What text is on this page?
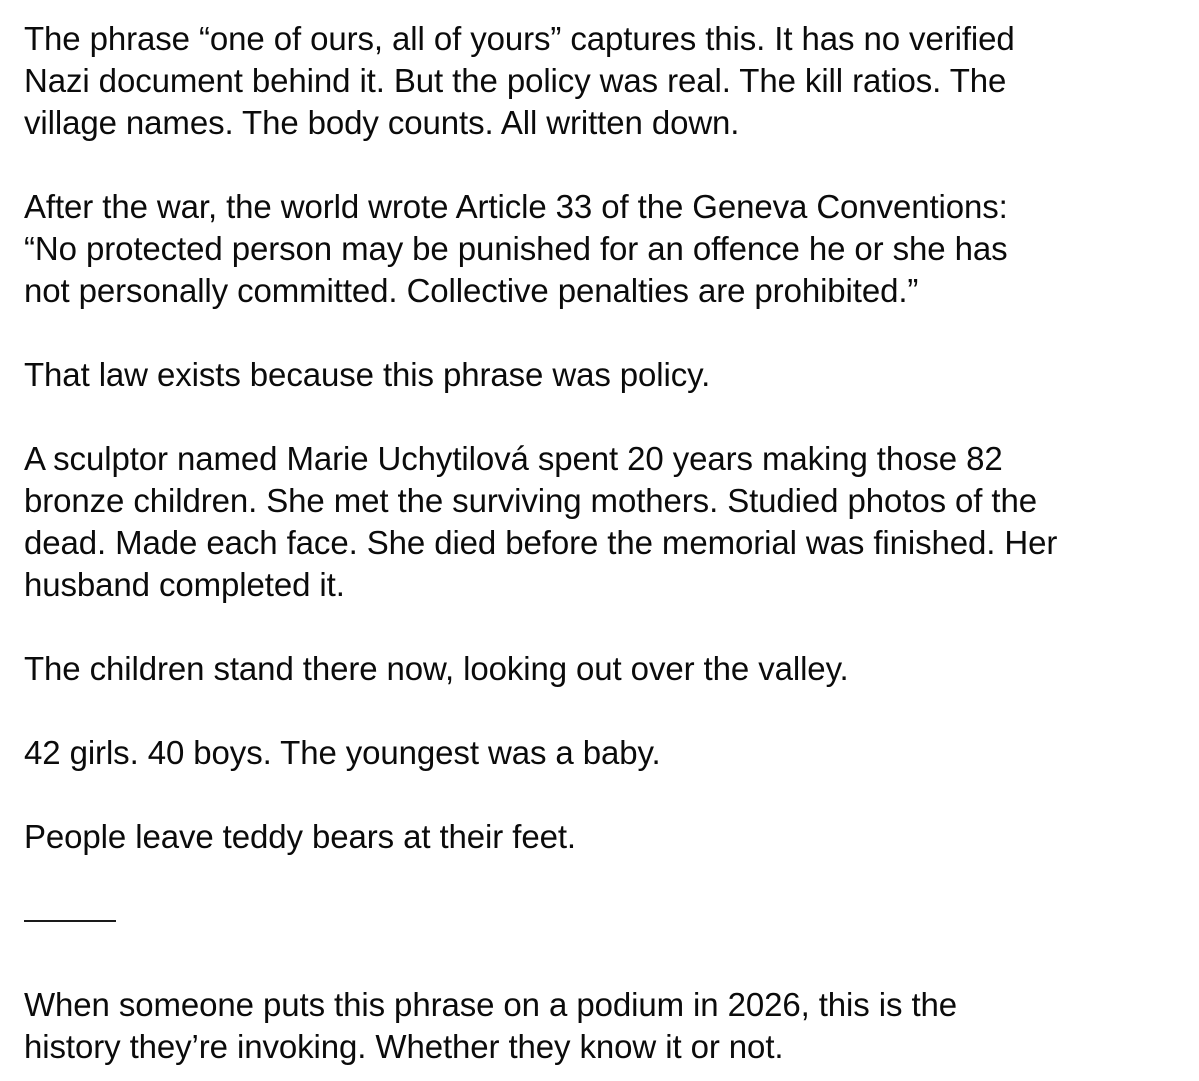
The phrase “one of ours, all of yours” captures this. It has no verified
Nazi document behind it. But the policy was real. The kill ratios. The
village names. The body counts. All written down.

After the war, the world wrote Article 33 of the Geneva Conventions:
“No protected person may be punished for an offence he or she has
not personally committed. Collective penalties are prohibited.”

That law exists because this phrase was policy.

A sculptor named Marie Uchytilová spent 20 years making those 82
bronze children. She met the surviving mothers. Studied photos of the
dead. Made each face. She died before the memorial was finished. Her
husband completed it.

The children stand there now, looking out over the valley.

42 girls. 40 boys. The youngest was a baby.

People leave teddy bears at their feet.

When someone puts this phrase on a podium in 2026, this is the
history they’re invoking. Whether they know it or not.
